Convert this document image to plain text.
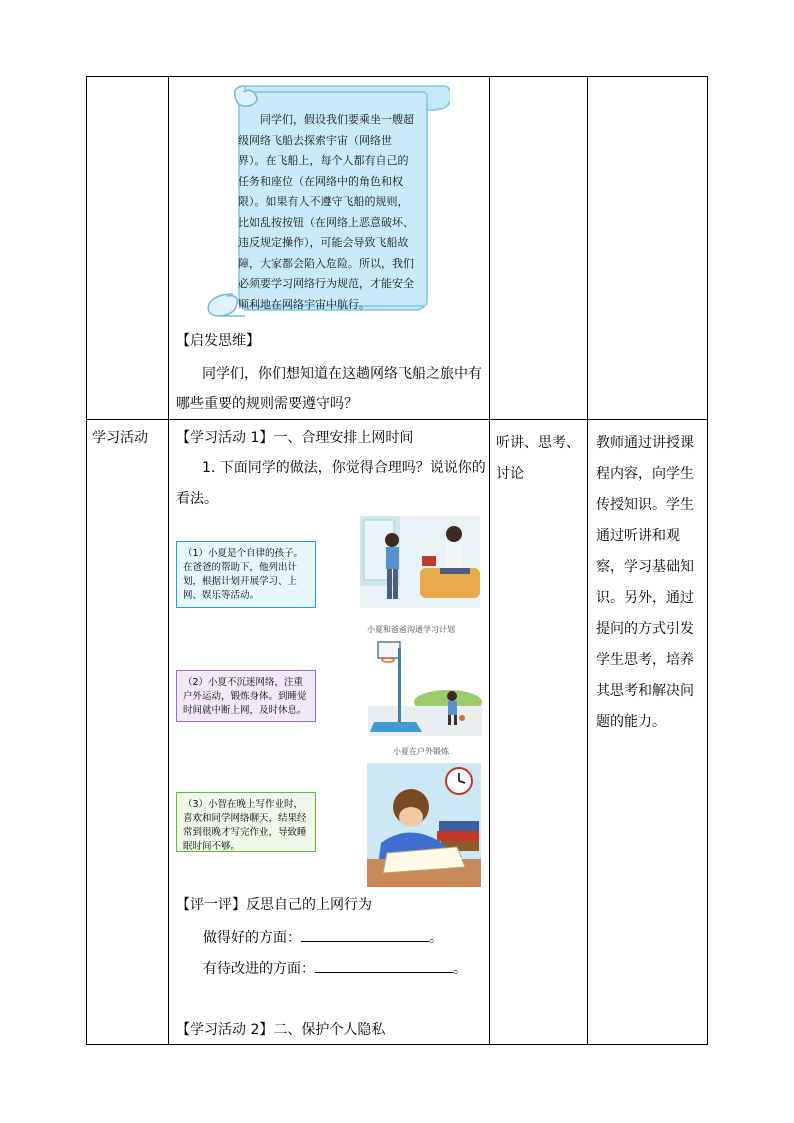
同学们，假设我们要乘坐一艘超级网络飞船去探索宇宙（网络世界）。在飞船上，每个人都有自己的任务和座位（在网络中的角色和权限）。如果有人不遵守飞船的规则，比如乱按按钮（在网络上恶意破坏、违反规定操作），可能会导致飞船故障，大家都会陷入危险。所以，我们必须要学习网络行为规范，才能安全顺利地在网络宇宙中航行。
【启发思维】
同学们，你们想知道在这趟网络飞船之旅中有
哪些重要的规则需要遵守吗？
学习活动 【学习活动 1】一、合理安排上网时间
1. 下面同学的做法，你觉得合理吗？说说你的
看法。
听讲、思考、讨论
教师通过讲授课程内容，向学生传授知识。学生通过听讲和观察，学习基础知识。另外，通过提问的方式引发学生思考，培养其思考和解决问题的能力。
（1）小夏是个自律的孩子。在爸爸的帮助下，他列出计划，根据计划开展学习、上网、娱乐等活动。
小夏和爸爸沟通学习计划
（2）小夏不沉迷网络，注重户外运动，锻炼身体。到睡觉时间就中断上网，及时休息。
小夏在户外锻炼
（3）小智在晚上写作业时，喜欢和同学网络聊天，结果经常到很晚才写完作业，导致睡眠时间不够。
【评一评】反思自己的上网行为
做得好的方面：	。
有待改进的方面：	。
【学习活动 2】二、保护个人隐私
